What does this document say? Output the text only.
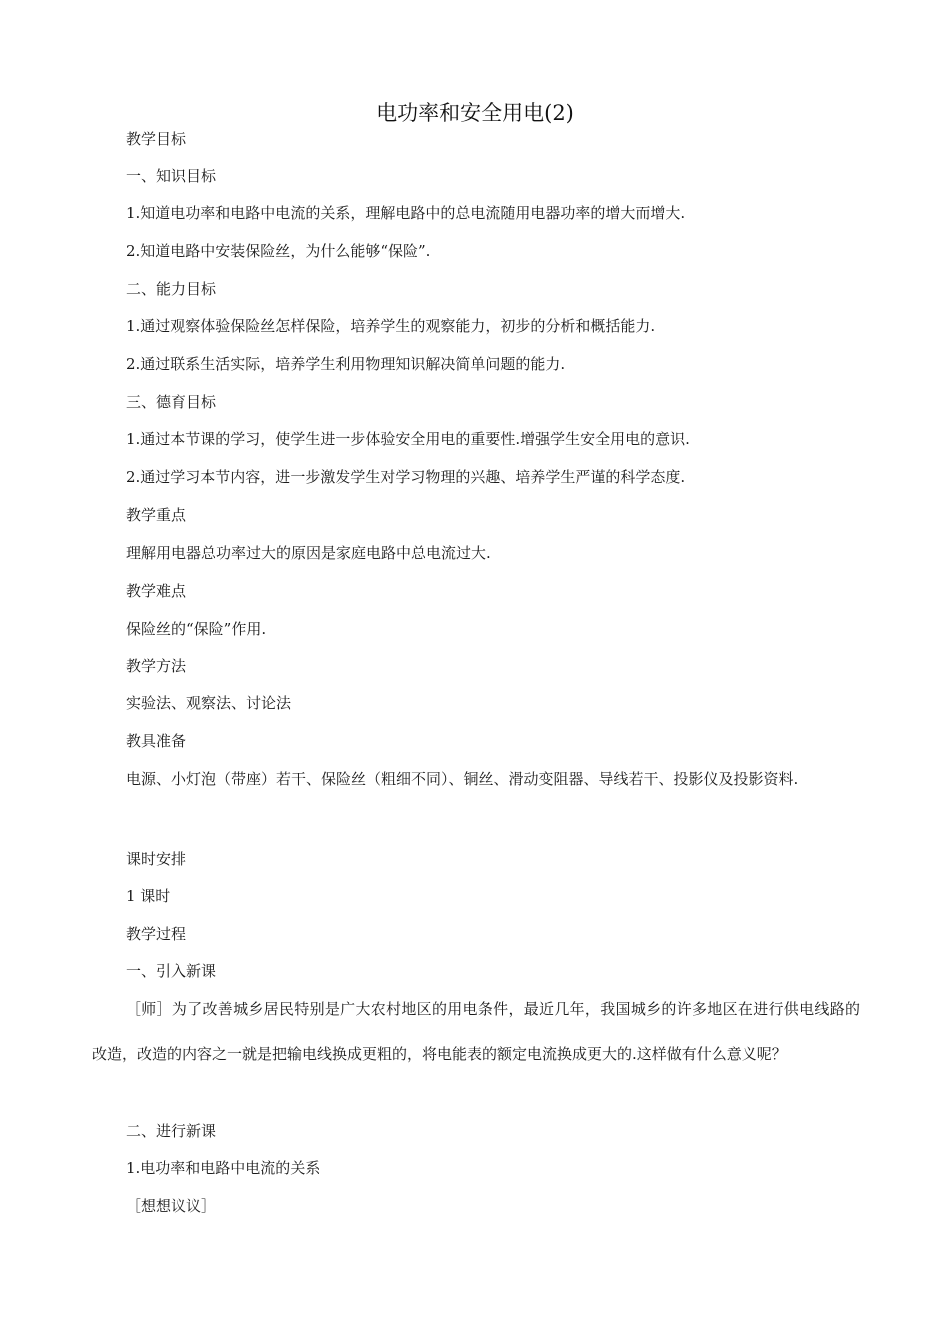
电功率和安全用电(2)
教学目标
一、知识目标
1.知道电功率和电路中电流的关系，理解电路中的总电流随用电器功率的增大而增大.
2.知道电路中安装保险丝，为什么能够“保险”.
二、能力目标
1.通过观察体验保险丝怎样保险，培养学生的观察能力，初步的分析和概括能力.
2.通过联系生活实际，培养学生利用物理知识解决简单问题的能力.
三、德育目标
1.通过本节课的学习，使学生进一步体验安全用电的重要性.增强学生安全用电的意识.
2.通过学习本节内容，进一步激发学生对学习物理的兴趣、培养学生严谨的科学态度.
教学重点
理解用电器总功率过大的原因是家庭电路中总电流过大.
教学难点
保险丝的“保险”作用.
教学方法
实验法、观察法、讨论法
教具准备
电源、小灯泡（带座）若干、保险丝（粗细不同）、铜丝、滑动变阻器、导线若干、投影仪及投影资料.
课时安排
1 课时
教学过程
一、引入新课
［师］为了改善城乡居民特别是广大农村地区的用电条件，最近几年，我国城乡的许多地区在进行供电线路的改造，改造的内容之一就是把输电线换成更粗的，将电能表的额定电流换成更大的.这样做有什么意义呢？
二、进行新课
1.电功率和电路中电流的关系
［想想议议］
